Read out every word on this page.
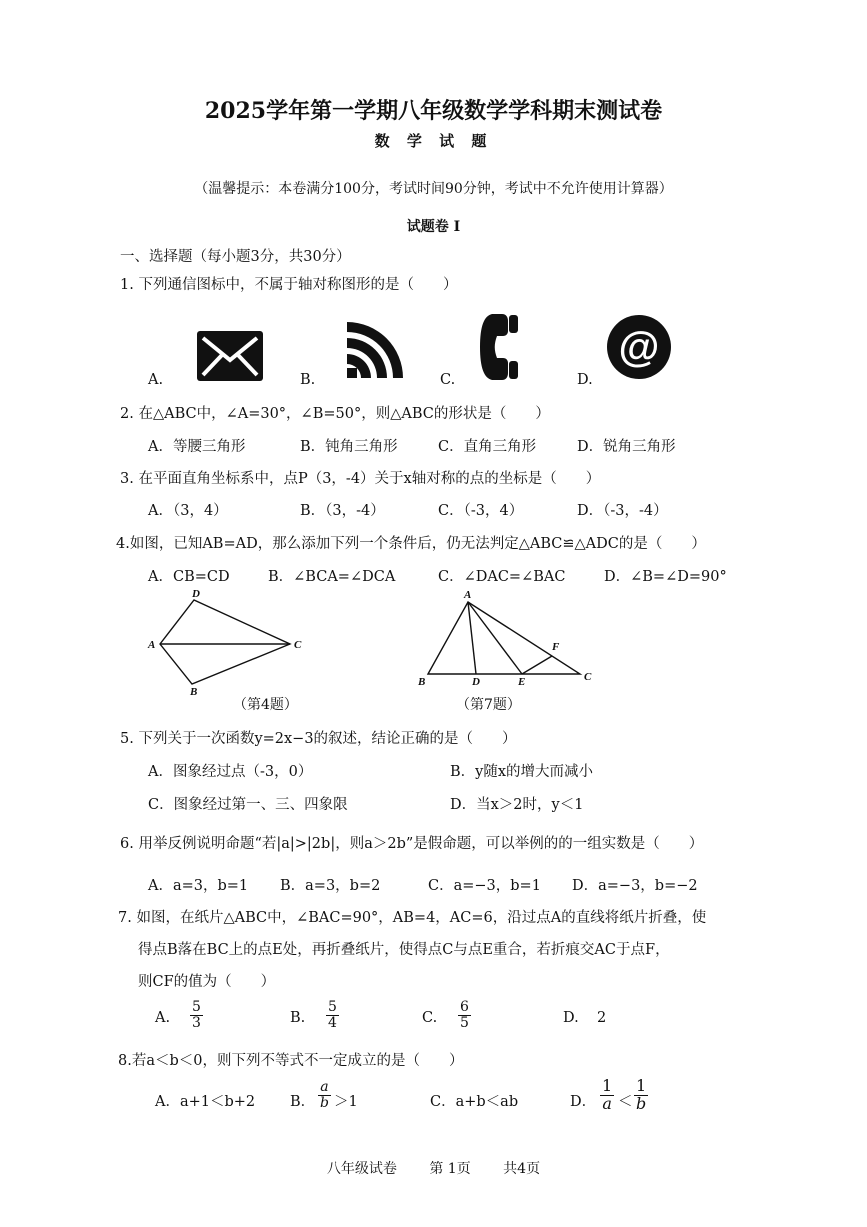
2025学年第一学期八年级数学学科期末测试卷
数 学 试 题
（温馨提示：本卷满分100分，考试时间90分钟，考试中不允许使用计算器）
试题卷 I
一、选择题（每小题3分，共30分）
1. 下列通信图标中，不属于轴对称图形的是（　　）
A.	B.	C.	D.
@
2. 在△ABC中，∠A=30°，∠B=50°，则△ABC的形状是（　　）
A．等腰三角形	B．钝角三角形	C．直角三角形	D．锐角三角形
3. 在平面直角坐标系中，点P（3，-4）关于x轴对称的点的坐标是（　　）
A．（3，4）	B．（3，-4）	C．（-3，4）	D．（-3，-4）
4.如图，已知AB=AD，那么添加下列一个条件后，仍无法判定△ABC≌△ADC的是（　　）
A．CB=CD	B．∠BCA=∠DCA	C．∠DAC=∠BAC	D．∠B=∠D=90°
A
D
C
B
（第4题）
A
B	D	E
F
C
（第7题）
5. 下列关于一次函数y=2x−3的叙述，结论正确的是（　　）
A．图象经过点（-3，0）	B．y随x的增大而减小
C．图象经过第一、三、四象限	D．当x＞2时，y＜1
6. 用举反例说明命题“若|a|>|2b|，则a＞2b”是假命题，可以举例的的一组实数是（　　）
A．a=3，b=1 B．a=3，b=2	C．a=−3，b=1 D．a=−3，b=−2
7. 如图，在纸片△ABC中，∠BAC=90°，AB=4，AC=6，沿过点A的直线将纸片折叠，使
得点B落在BC上的点E处，再折叠纸片，使得点C与点E重合，若折痕交AC于点F，
则CF的值为（　　）
A. $\frac{5}{3}$	B. $\frac{5}{4}$	C. $\frac{6}{5}$	D. 2
8.若a＜b＜0，则下列不等式不一定成立的是（　　）
A．a+1＜b+2 B． $\frac{a}{b} >1$	C．a+b＜ab	D． $\frac{1}{a} < \frac{1}{b}$
八年级试卷 第 1页 共4页
